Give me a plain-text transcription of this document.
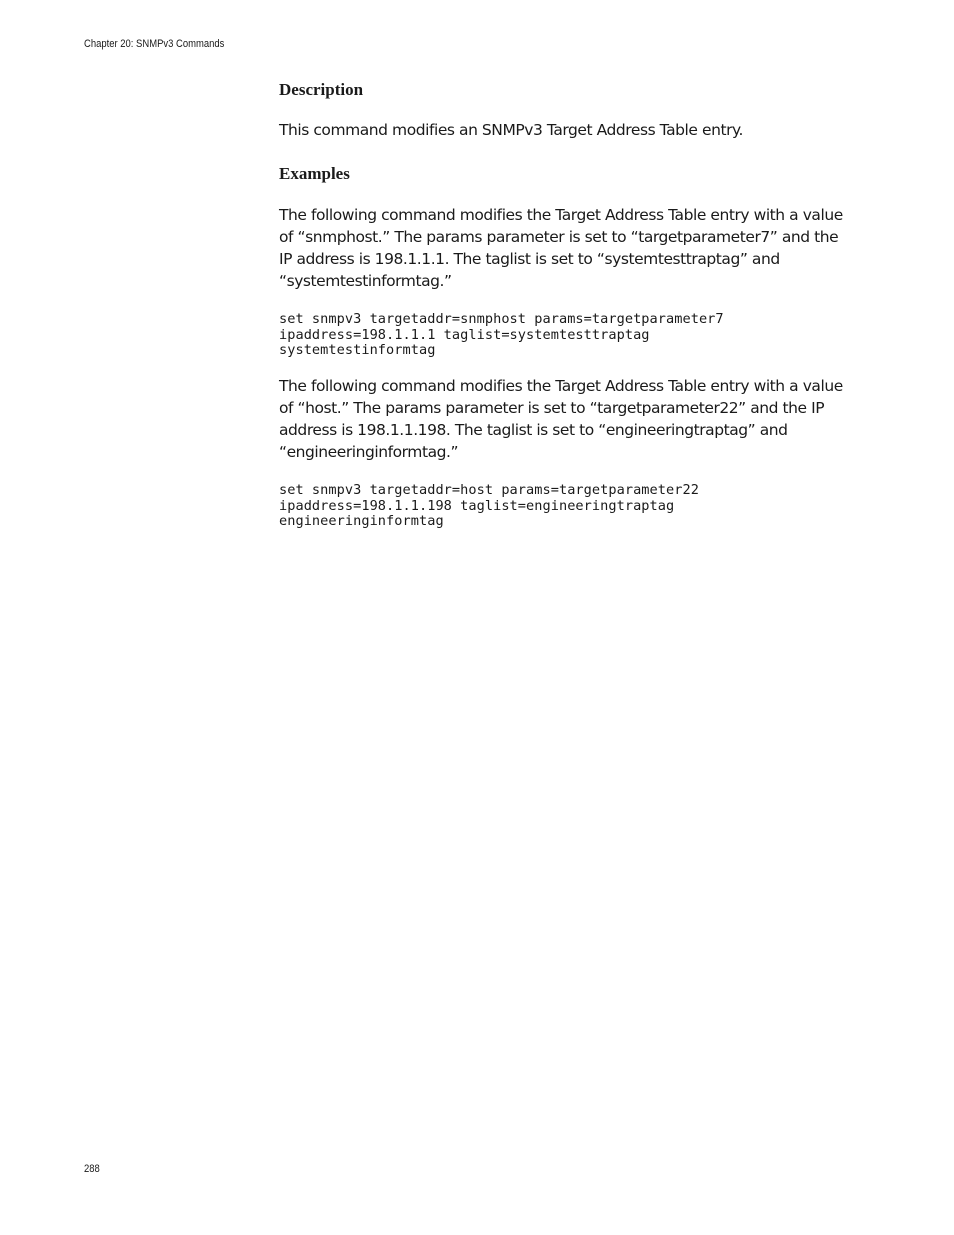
Chapter 20: SNMPv3 Commands
Description

This command modifies an SNMPv3 Target Address Table entry.

Examples

The following command modifies the Target Address Table entry with a value of “snmphost.” The params parameter is set to “targetparameter7” and the IP address is 198.1.1.1. The taglist is set to “systemtesttraptag” and “systemtestinformtag.”

set snmpv3 targetaddr=snmphost params=targetparameter7
ipaddress=198.1.1.1 taglist=systemtesttraptag
systemtestinformtag

The following command modifies the Target Address Table entry with a value of “host.” The params parameter is set to “targetparameter22” and the IP address is 198.1.1.198. The taglist is set to “engineeringtraptag” and “engineeringinformtag.”

set snmpv3 targetaddr=host params=targetparameter22
ipaddress=198.1.1.198 taglist=engineeringtraptag
engineeringinformtag
288
